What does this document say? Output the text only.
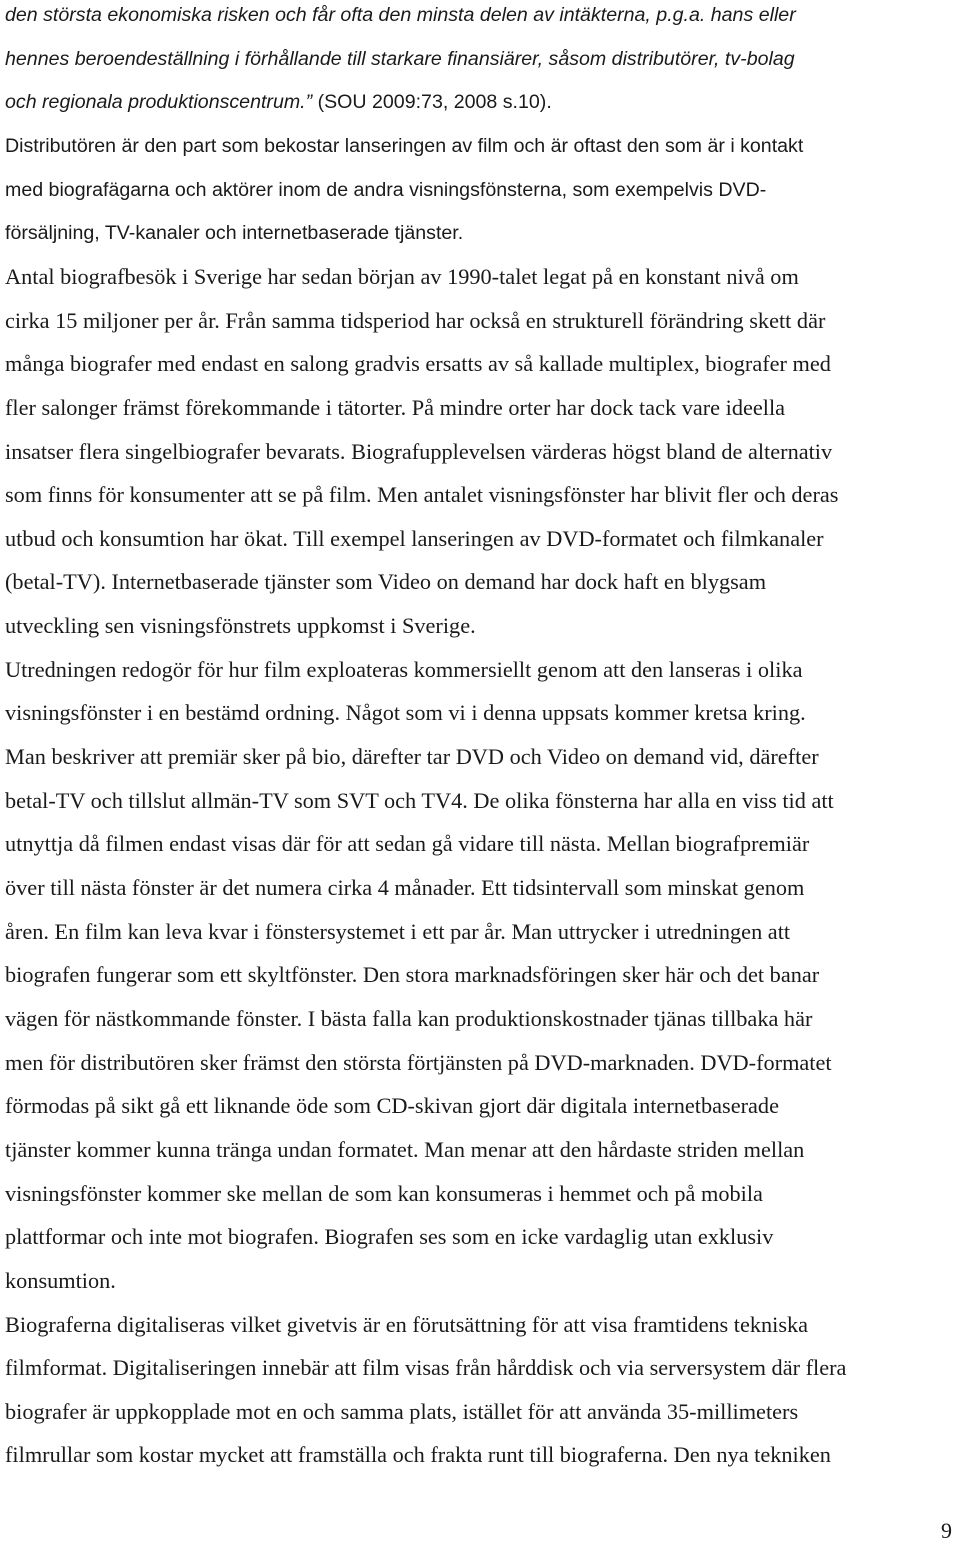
den största ekonomiska risken och får ofta den minsta delen av intäkterna, p.g.a. hans eller
hennes beroendeställning i förhållande till starkare finansiärer, såsom distributörer, tv-bolag
och regionala produktionscentrum.” (SOU 2009:73, 2008 s.10).
Distributören är den part som bekostar lanseringen av film och är oftast den som är i kontakt
med biografägarna och aktörer inom de andra visningsfönsterna, som exempelvis DVD-
försäljning, TV-kanaler och internetbaserade tjänster.
Antal biografbesök i Sverige har sedan början av 1990-talet legat på en konstant nivå om
cirka 15 miljoner per år. Från samma tidsperiod har också en strukturell förändring skett där
många biografer med endast en salong gradvis ersatts av så kallade multiplex, biografer med
fler salonger främst förekommande i tätorter. På mindre orter har dock tack vare ideella
insatser flera singelbiografer bevarats. Biografupplevelsen värderas högst bland de alternativ
som finns för konsumenter att se på film. Men antalet visningsfönster har blivit fler och deras
utbud och konsumtion har ökat. Till exempel lanseringen av DVD-formatet och filmkanaler
(betal-TV). Internetbaserade tjänster som Video on demand har dock haft en blygsam
utveckling sen visningsfönstrets uppkomst i Sverige.
Utredningen redogör för hur film exploateras kommersiellt genom att den lanseras i olika
visningsfönster i en bestämd ordning. Något som vi i denna uppsats kommer kretsa kring.
Man beskriver att premiär sker på bio, därefter tar DVD och Video on demand vid, därefter
betal-TV och tillslut allmän-TV som SVT och TV4. De olika fönsterna har alla en viss tid att
utnyttja då filmen endast visas där för att sedan gå vidare till nästa. Mellan biografpremiär
över till nästa fönster är det numera cirka 4 månader. Ett tidsintervall som minskat genom
åren. En film kan leva kvar i fönstersystemet i ett par år. Man uttrycker i utredningen att
biografen fungerar som ett skyltfönster. Den stora marknadsföringen sker här och det banar
vägen för nästkommande fönster. I bästa falla kan produktionskostnader tjänas tillbaka här
men för distributören sker främst den största förtjänsten på DVD-marknaden. DVD-formatet
förmodas på sikt gå ett liknande öde som CD-skivan gjort där digitala internetbaserade
tjänster kommer kunna tränga undan formatet. Man menar att den hårdaste striden mellan
visningsfönster kommer ske mellan de som kan konsumeras i hemmet och på mobila
plattformar och inte mot biografen. Biografen ses som en icke vardaglig utan exklusiv
konsumtion.
Biograferna digitaliseras vilket givetvis är en förutsättning för att visa framtidens tekniska
filmformat. Digitaliseringen innebär att film visas från hårddisk och via serversystem där flera
biografer är uppkopplade mot en och samma plats, istället för att använda 35-millimeters
filmrullar som kostar mycket att framställa och frakta runt till biograferna. Den nya tekniken
9
